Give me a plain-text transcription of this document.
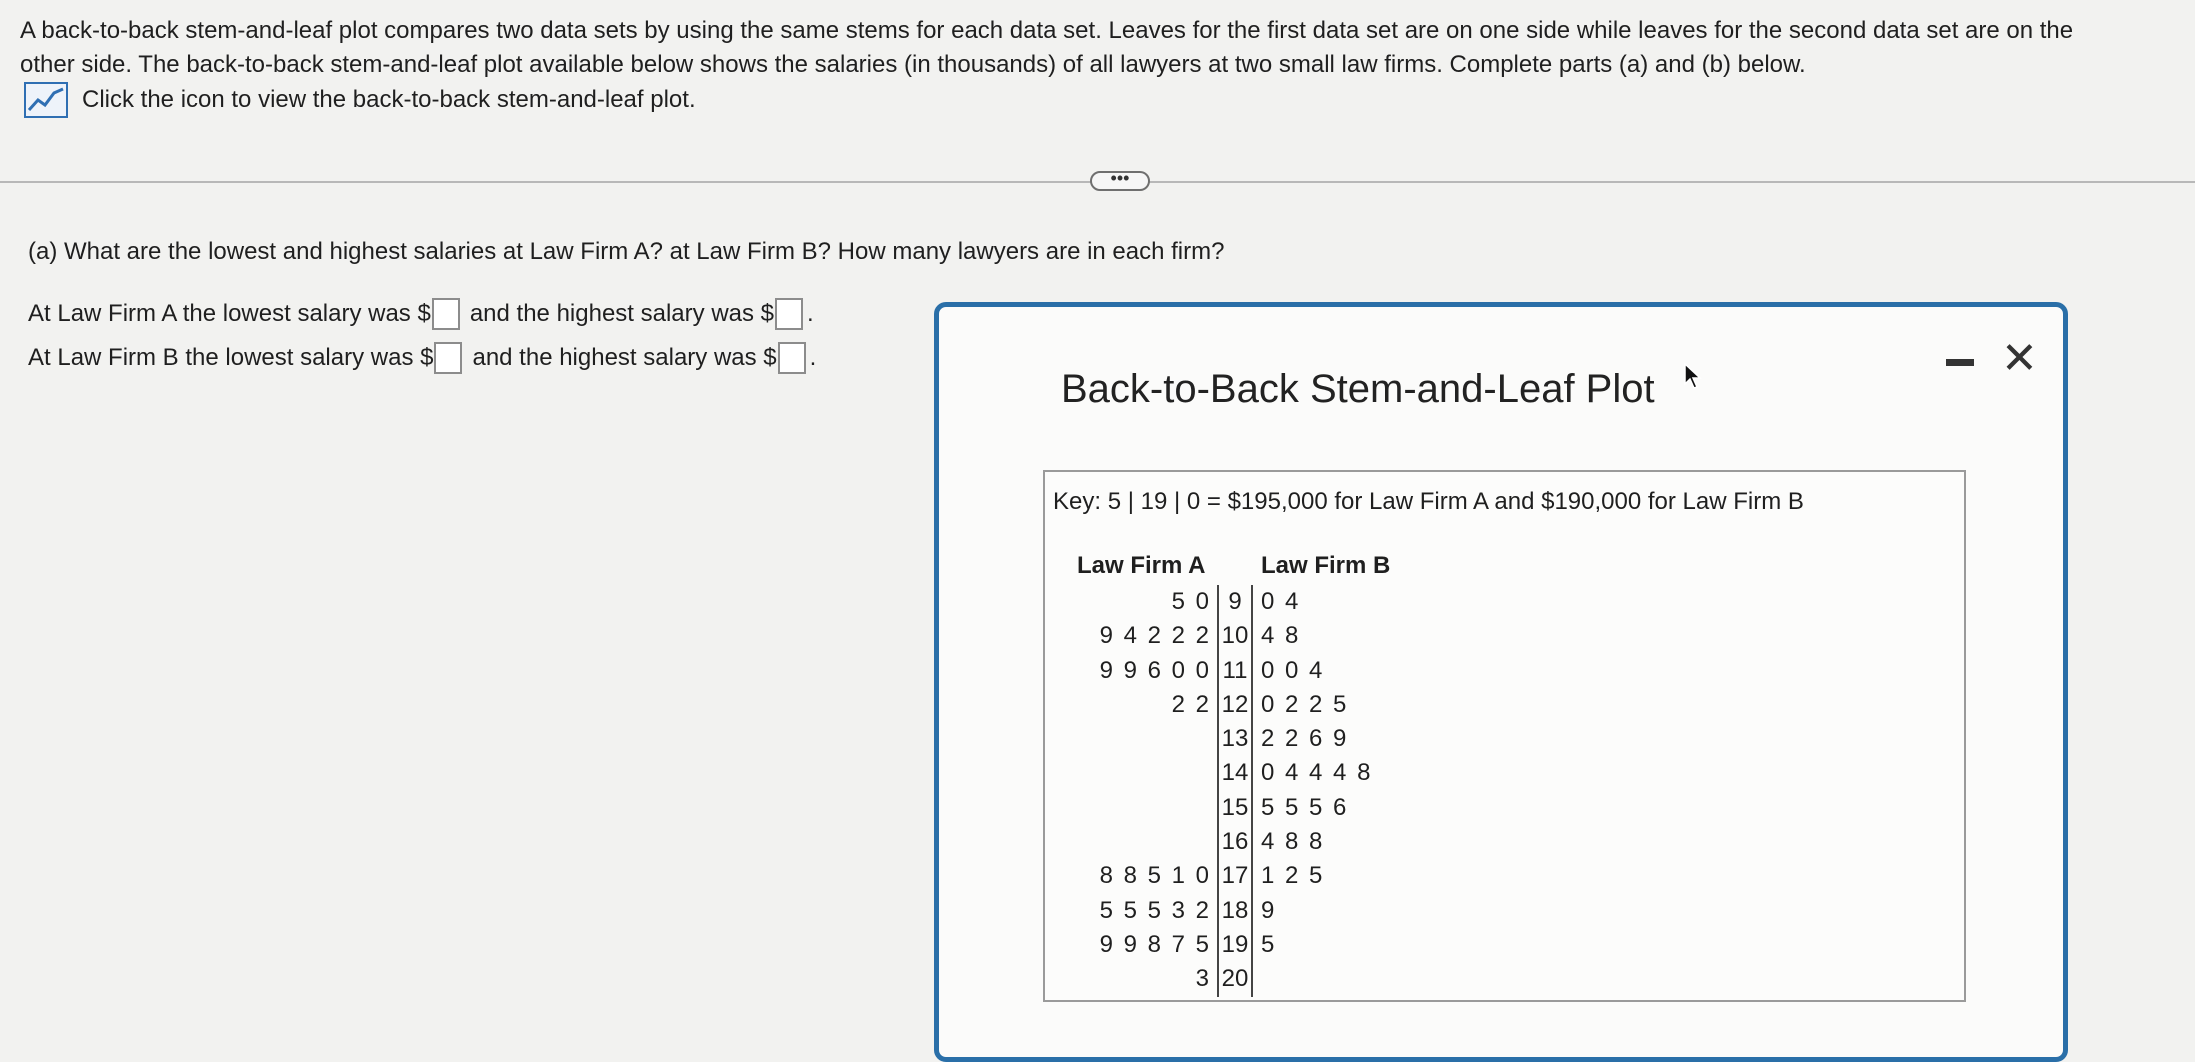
A back-to-back stem-and-leaf plot compares two data sets by using the same stems for each data set. Leaves for the first data set are on one side while leaves for the second data set are on the

other side. The back-to-back stem-and-leaf plot available below shows the salaries (in thousands) of all lawyers at two small law firms. Complete parts (a) and (b) below.

Click the icon to view the back-to-back stem-and-leaf plot.
•••
(a) What are the lowest and highest salaries at Law Firm A? at Law Firm B? How many lawyers are in each firm?
At Law Firm A the lowest salary was $ and the highest salary was $ .
At Law Firm B the lowest salary was $ and the highest salary was $ .
Back-to-Back Stem-and-Leaf Plot
✕
Key: 5 | 19 | 0 = $195,000 for Law Firm A and $190,000 for Law Firm B
Law Firm A Law Firm B
5 0 9 0 4
9 4 2 2 2 10 4 8
9 9 6 0 0 11 0 0 4
2 2 12 0 2 2 5
13 2 2 6 9
14 0 4 4 4 8
15 5 5 5 6
16 4 8 8
8 8 5 1 0 17 1 2 5
5 5 5 3 2 18 9
9 9 8 7 5 19 5
3 20
